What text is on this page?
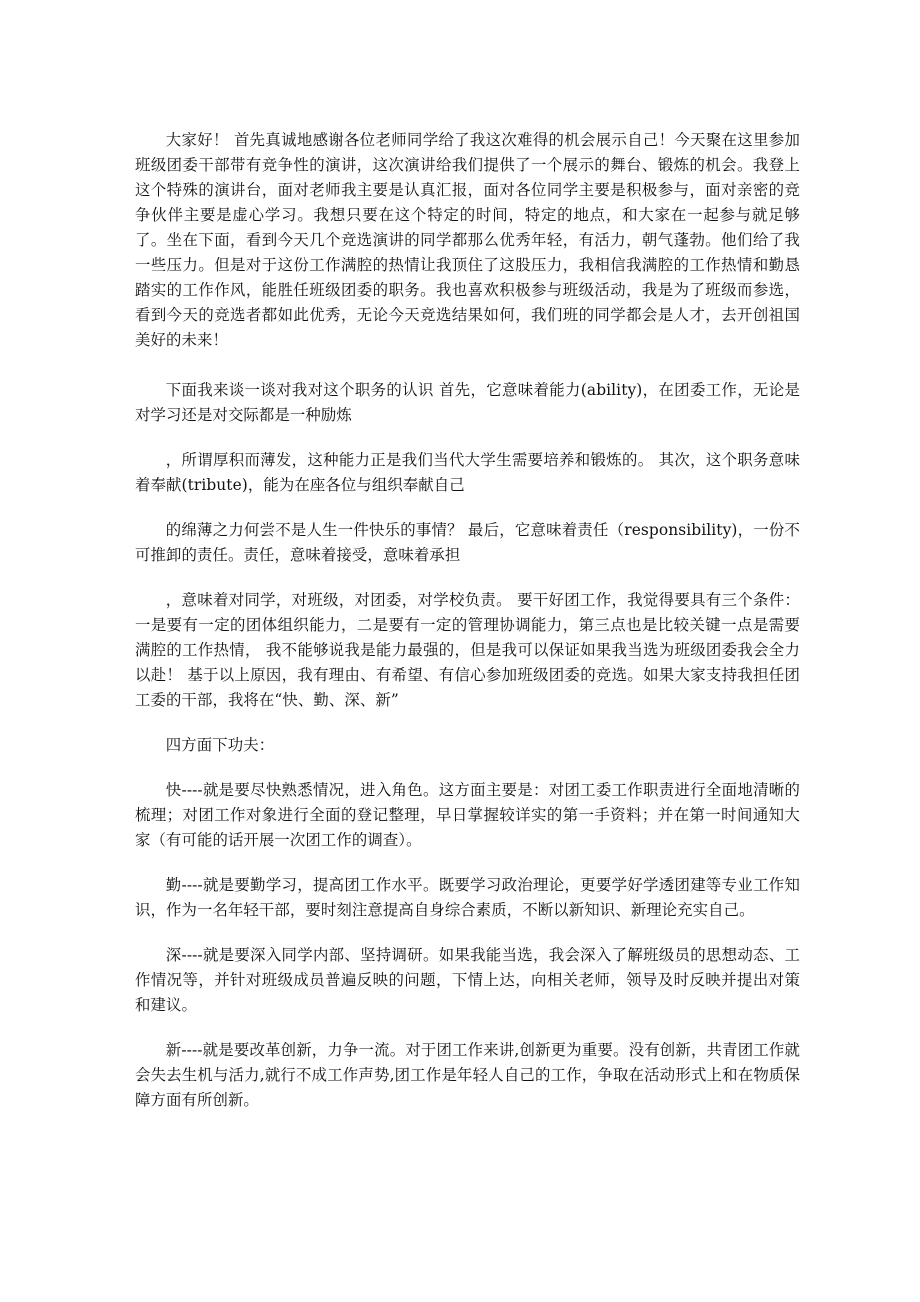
大家好！ 首先真诚地感谢各位老师同学给了我这次难得的机会展示自己！今天聚在这里参加班级团委干部带有竞争性的演讲，这次演讲给我们提供了一个展示的舞台、锻炼的机会。我登上这个特殊的演讲台，面对老师我主要是认真汇报，面对各位同学主要是积极参与，面对亲密的竞争伙伴主要是虚心学习。我想只要在这个特定的时间，特定的地点，和大家在一起参与就足够了。坐在下面，看到今天几个竞选演讲的同学都那么优秀年轻，有活力，朝气蓬勃。他们给了我一些压力。但是对于这份工作满腔的热情让我顶住了这股压力，我相信我满腔的工作热情和勤恳踏实的工作作风，能胜任班级团委的职务。我也喜欢积极参与班级活动，我是为了班级而参选，看到今天的竞选者都如此优秀，无论今天竞选结果如何，我们班的同学都会是人才，去开创祖国美好的未来！

下面我来谈一谈对我对这个职务的认识 首先，它意味着能力(ability)，在团委工作，无论是对学习还是对交际都是一种励炼

，所谓厚积而薄发，这种能力正是我们当代大学生需要培养和锻炼的。 其次，这个职务意味着奉献(tribute)，能为在座各位与组织奉献自己

的绵薄之力何尝不是人生一件快乐的事情？ 最后，它意味着责任（responsibility)，一份不可推卸的责任。责任，意味着接受，意味着承担

，意味着对同学，对班级，对团委，对学校负责。 要干好团工作，我觉得要具有三个条件：一是要有一定的团体组织能力，二是要有一定的管理协调能力，第三点也是比较关键一点是需要满腔的工作热情， 我不能够说我是能力最强的，但是我可以保证如果我当选为班级团委我会全力以赴！ 基于以上原因，我有理由、有希望、有信心参加班级团委的竞选。如果大家支持我担任团工委的干部，我将在“快、勤、深、新”

四方面下功夫：

快----就是要尽快熟悉情况，进入角色。这方面主要是：对团工委工作职责进行全面地清晰的梳理；对团工作对象进行全面的登记整理，早日掌握较详实的第一手资料；并在第一时间通知大家（有可能的话开展一次团工作的调查）。

勤----就是要勤学习，提高团工作水平。既要学习政治理论，更要学好学透团建等专业工作知识，作为一名年轻干部，要时刻注意提高自身综合素质，不断以新知识、新理论充实自己。

深----就是要深入同学内部、坚持调研。如果我能当选，我会深入了解班级员的思想动态、工作情况等，并针对班级成员普遍反映的问题，下情上达，向相关老师，领导及时反映并提出对策和建议。

新----就是要改革创新，力争一流。对于团工作来讲,创新更为重要。没有创新，共青团工作就会失去生机与活力,就行不成工作声势,团工作是年轻人自己的工作，争取在活动形式上和在物质保障方面有所创新。
